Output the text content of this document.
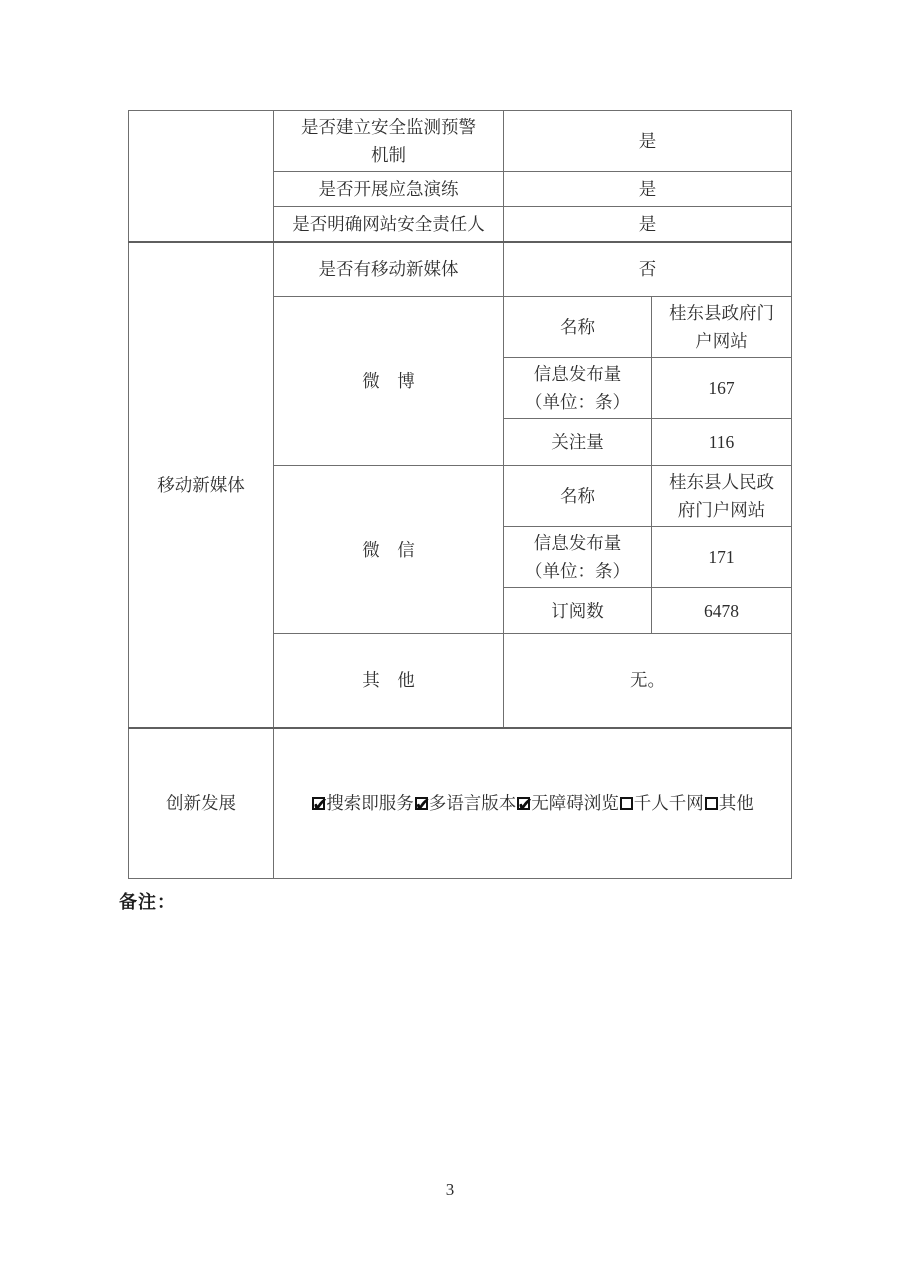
	是否建立安全监测预警
机制	是	
	是否开展应急演练	是	
	是否明确网站安全责任人	是	
移动新媒体	是否有移动新媒体	否	
	微　博	名称	桂东县政府门户网站

		信息发布量
（单位：条）	167
		关注量	116
	微　信	名称	桂东县人民政府门户网站

		信息发布量
（单位：条）	171
		订阅数	6478
	其　他	无。	
创新发展	
✔搜索即服务 ✔ 多语言版本 ✔ 无障碍浏览 千人千网 其他
备注：
3
